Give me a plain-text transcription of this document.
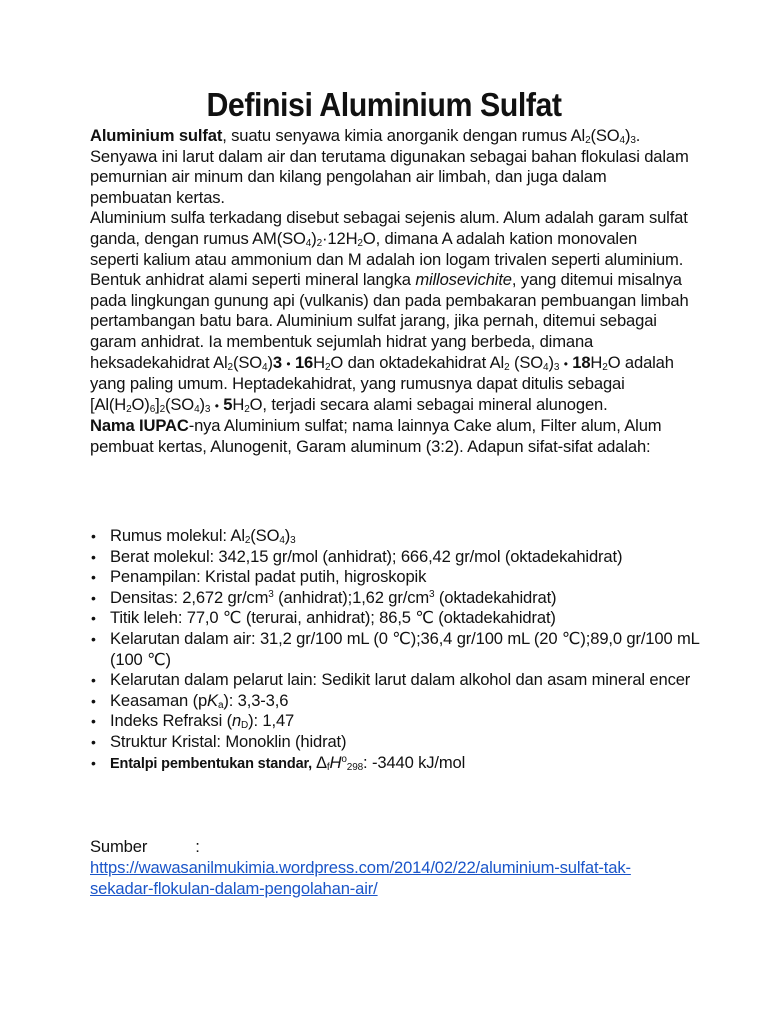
Definisi Aluminium Sulfat

Aluminium sulfat, suatu senyawa kimia anorganik dengan rumus $Al_2(SO_4)_3$. Senyawa ini larut dalam air dan terutama digunakan sebagai bahan flokulasi dalam pemurnian air minum dan kilang pengolahan air limbah, dan juga dalam pembuatan kertas.

Aluminium sulfa terkadang disebut sebagai sejenis alum. Alum adalah garam sulfat ganda, dengan rumus $AM(SO_4)_2\cdot 12H_2O$, dimana A adalah kation monovalen seperti kalium atau ammonium dan M adalah ion logam trivalen seperti aluminium. Bentuk anhidrat alami seperti mineral langka millosevichite, yang ditemui misalnya pada lingkungan gunung api (vulkanis) dan pada pembakaran pembuangan limbah pertambangan batu bara. Aluminium sulfat jarang, jika pernah, ditemui sebagai garam anhidrat. Ia membentuk sejumlah hidrat yang berbeda, dimana heksadekahidrat $Al_2(SO_4)3$ • $16H_2O$ dan oktadekahidrat $Al_2$ $(SO_4)_3$ • $18H_2O$ adalah yang paling umum. Heptadekahidrat, yang rumusnya dapat ditulis sebagai $[Al(H_2O)_6]_2(SO_4)_3$ • $5H_2O$, terjadi secara alami sebagai mineral alunogen.

Nama IUPAC-nya Aluminium sulfat; nama lainnya Cake alum, Filter alum, Alum pembuat kertas, Alunogenit, Garam aluminum (3:2). Adapun sifat-sifat adalah:

• Rumus molekul: $Al_2(SO_4)_3$
• Berat molekul: 342,15 gr/mol (anhidrat); 666,42 gr/mol (oktadekahidrat)
• Penampilan: Kristal padat putih, higroskopik
• Densitas: 2,672 $gr/cm^3$ (anhidrat);1,62 $gr/cm^3$ (oktadekahidrat)
• Titik leleh: 77,0 ℃ (terurai, anhidrat); 86,5 ℃ (oktadekahidrat)
• Kelarutan dalam air: 31,2 gr/100 mL (0 ℃);36,4 gr/100 mL (20 ℃);89,0 gr/100 mL (100 ℃)
• Kelarutan dalam pelarut lain: Sedikit larut dalam alkohol dan asam mineral encer
• Keasaman $(pK_a)$: 3,3-3,6
• Indeks Refraksi $(n_D)$: 1,47
• Struktur Kristal: Monoklin (hidrat)
• Entalpi pembentukan standar, $\Delta_fH^o_{298}$: -3440 kJ/mol
Sumber	:
https://wawasanilmukimia.wordpress.com/2014/02/22/aluminium-sulfat-tak-
sekadar-flokulan-dalam-pengolahan-air/
